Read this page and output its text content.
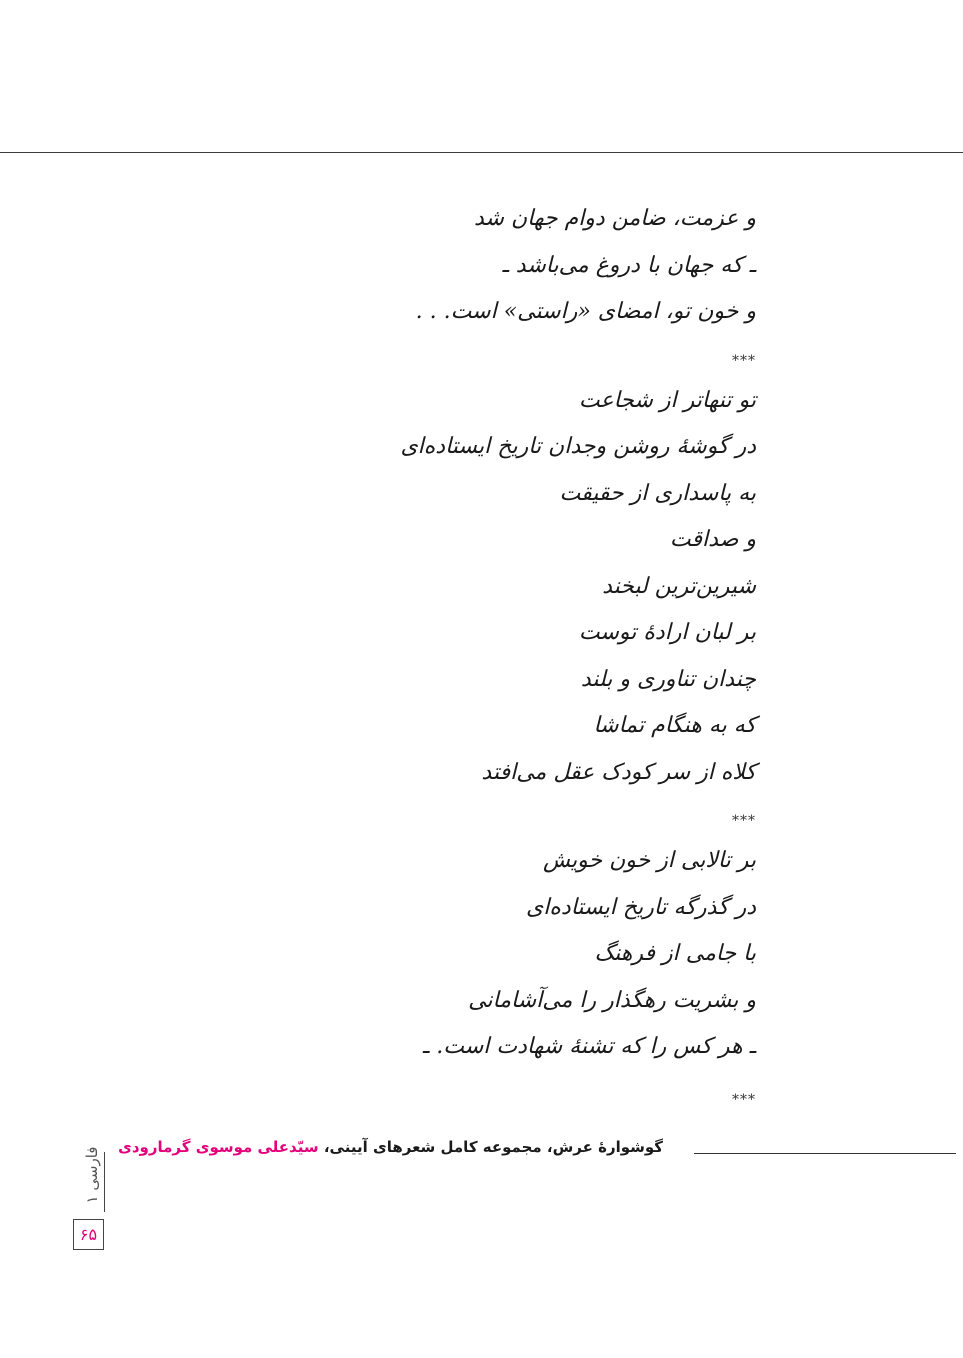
و عزمت، ضامن دوام جهان شد
ـ که جهان با دروغ می‌باشد ـ
و خون تو، امضای «راستی» است. . .
***
تو تنهاتر از شجاعت
در گوشهٔ روشن وجدان تاریخ ایستاده‌ای
به پاسداری از حقیقت
و صداقت
شیرین‌ترین لبخند
بر لبان ارادهٔ توست
چندان تناوری و بلند
که به هنگام تماشا
کلاه از سر کودک عقل می‌افتد
***
بر تالابی از خون خویش
در گذرگه تاریخ ایستاده‌ای
با جامی از فرهنگ
و بشریت رهگذار را می‌آشامانی
ـ هر کس را که تشنهٔ شهادت است. ـ
***
گوشوارهٔ عرش، مجموعه کامل شعرهای آیینی، سیّدعلی موسوی گرمارودی
فارسی ۱
۶۵
